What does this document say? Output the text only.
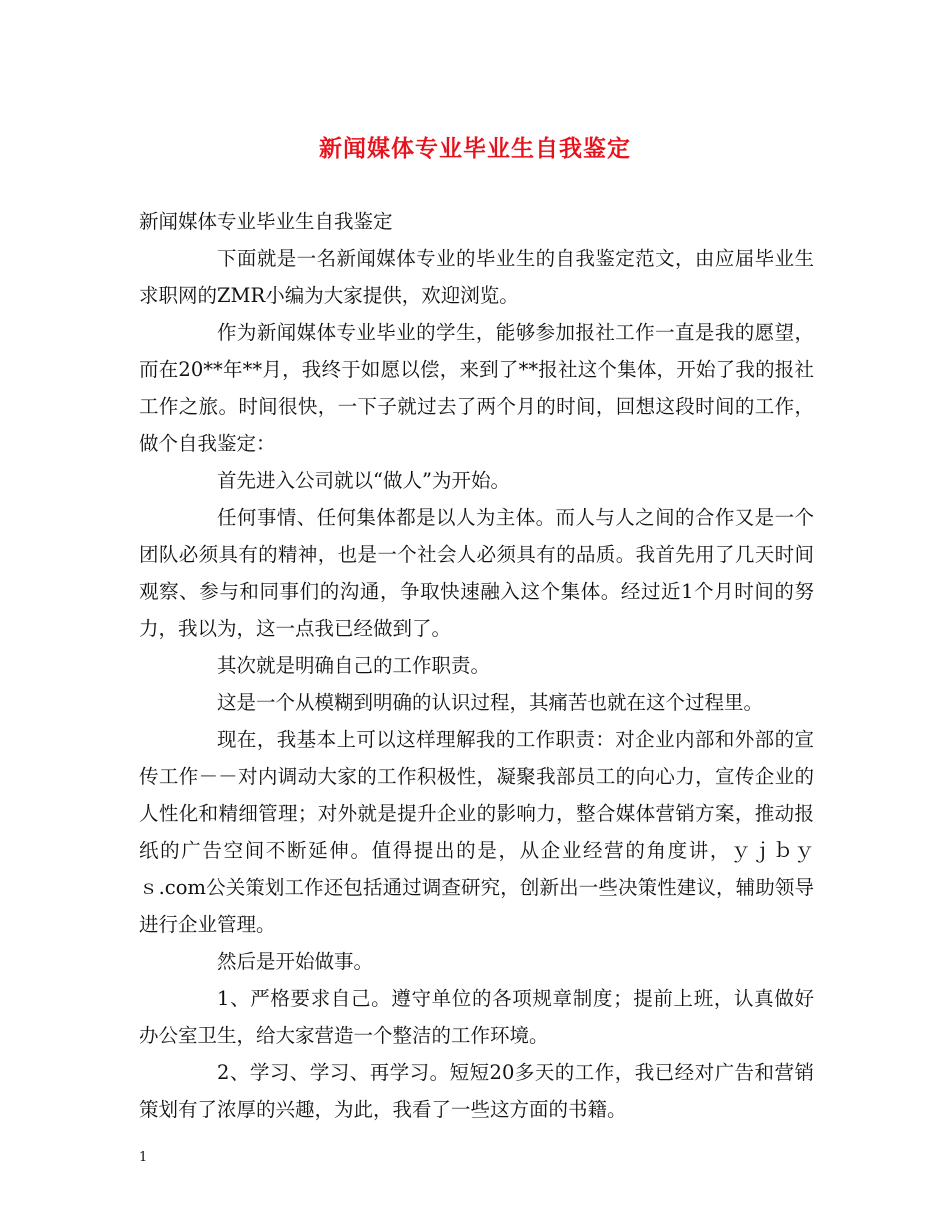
新闻媒体专业毕业生自我鉴定

新闻媒体专业毕业生自我鉴定

下面就是一名新闻媒体专业的毕业生的自我鉴定范文，由应届毕业生求职网的ZMR小编为大家提供，欢迎浏览。

作为新闻媒体专业毕业的学生，能够参加报社工作一直是我的愿望，而在20**年**月，我终于如愿以偿，来到了**报社这个集体，开始了我的报社工作之旅。时间很快，一下子就过去了两个月的时间，回想这段时间的工作，做个自我鉴定：

首先进入公司就以“做人”为开始。

任何事情、任何集体都是以人为主体。而人与人之间的合作又是一个团队必须具有的精神，也是一个社会人必须具有的品质。我首先用了几天时间观察、参与和同事们的沟通，争取快速融入这个集体。经过近1个月时间的努力，我以为，这一点我已经做到了。

其次就是明确自己的工作职责。

这是一个从模糊到明确的认识过程，其痛苦也就在这个过程里。

现在，我基本上可以这样理解我的工作职责：对企业内部和外部的宣传工作－－对内调动大家的工作积极性，凝聚我部员工的向心力，宣传企业的人性化和精细管理；对外就是提升企业的影响力，整合媒体营销方案，推动报纸的广告空间不断延伸。值得提出的是，从企业经营的角度讲，ｙｊｂｙｓ.com公关策划工作还包括通过调查研究，创新出一些决策性建议，辅助领导进行企业管理。

然后是开始做事。

1、严格要求自己。遵守单位的各项规章制度；提前上班，认真做好办公室卫生，给大家营造一个整洁的工作环境。

2、学习、学习、再学习。短短20多天的工作，我已经对广告和营销策划有了浓厚的兴趣，为此，我看了一些这方面的书籍。

1
